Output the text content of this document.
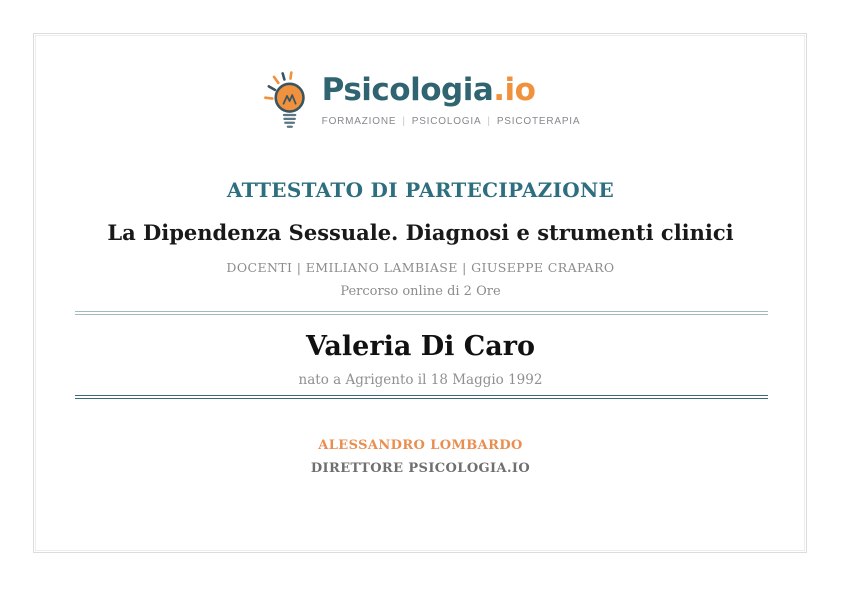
Psicologia.io
FORMAZIONE | PSICOLOGIA | PSICOTERAPIA
ATTESTATO DI PARTECIPAZIONE
La Dipendenza Sessuale. Diagnosi e strumenti clinici
DOCENTI | EMILIANO LAMBIASE | GIUSEPPE CRAPARO
Percorso online di 2 Ore
Valeria Di Caro
nato a Agrigento il 18 Maggio 1992
ALESSANDRO LOMBARDO
DIRETTORE PSICOLOGIA.IO
